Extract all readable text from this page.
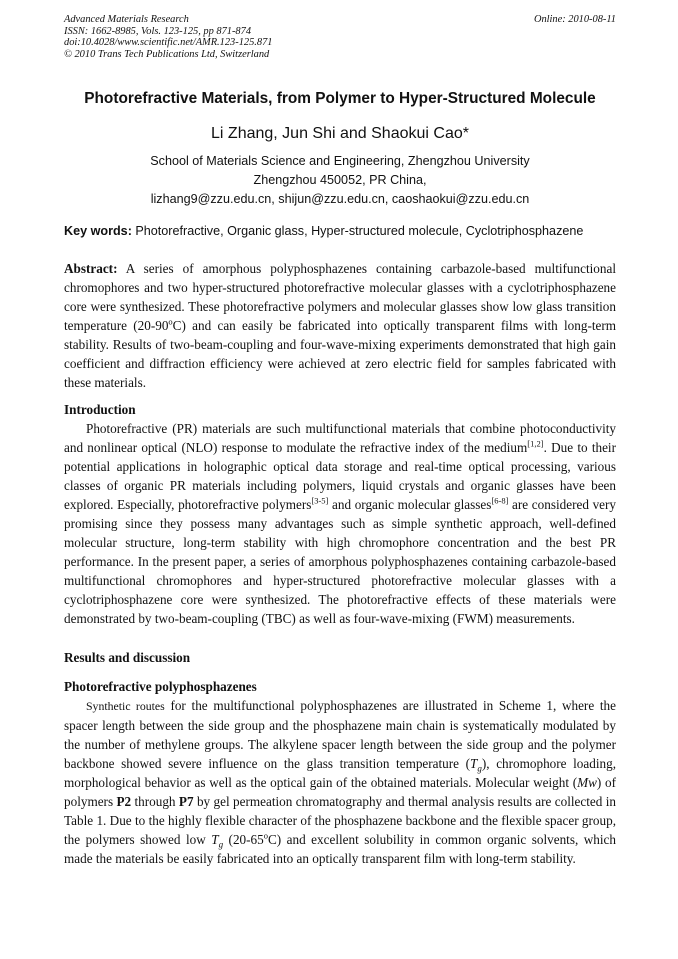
Advanced Materials Research
ISSN: 1662-8985, Vols. 123-125, pp 871-874
doi:10.4028/www.scientific.net/AMR.123-125.871
© 2010 Trans Tech Publications Ltd, Switzerland
Online: 2010-08-11
Photorefractive Materials, from Polymer to Hyper-Structured Molecule
Li Zhang, Jun Shi and Shaokui Cao*
School of Materials Science and Engineering, Zhengzhou University
Zhengzhou 450052, PR China,
lizhang9@zzu.edu.cn, shijun@zzu.edu.cn, caoshaokui@zzu.edu.cn
Key words: Photorefractive, Organic glass, Hyper-structured molecule, Cyclotriphosphazene

Abstract: A series of amorphous polyphosphazenes containing carbazole-based multifunctional chromophores and two hyper-structured photorefractive molecular glasses with a cyclotriphosphazene core were synthesized. These photorefractive polymers and molecular glasses show low glass transition temperature (20-90$^o$C) and can easily be fabricated into optically transparent films with long-term stability. Results of two-beam-coupling and four-wave-mixing experiments demonstrated that high gain coefficient and diffraction efficiency were achieved at zero electric field for samples fabricated with these materials.

Introduction

Photorefractive (PR) materials are such multifunctional materials that combine photoconductivity and nonlinear optical (NLO) response to modulate the refractive index of the medium[1,2]. Due to their potential applications in holographic optical data storage and real-time optical processing, various classes of organic PR materials including polymers, liquid crystals and organic glasses have been explored. Especially, photorefractive polymers[3-5] and organic molecular glasses[6-8] are considered very promising since they possess many advantages such as simple synthetic approach, well-defined molecular structure, long-term stability with high chromophore concentration and the best PR performance. In the present paper, a series of amorphous polyphosphazenes containing carbazole-based multifunctional chromophores and hyper-structured photorefractive molecular glasses with a cyclotriphosphazene core were synthesized. The photorefractive effects of these materials were demonstrated by two-beam-coupling (TBC) as well as four-wave-mixing (FWM) measurements.

Results and discussion

Photorefractive polyphosphazenes

Synthetic routes for the multifunctional polyphosphazenes are illustrated in Scheme 1, where the spacer length between the side group and the phosphazene main chain is systematically modulated by the number of methylene groups. The alkylene spacer length between the side group and the polymer backbone showed severe influence on the glass transition temperature $(T_g)$, chromophore loading, morphological behavior as well as the optical gain of the obtained materials. Molecular weight (Mw) of polymers P2 through P7 by gel permeation chromatography and thermal analysis results are collected in Table 1. Due to the highly flexible character of the phosphazene backbone and the flexible spacer group, the polymers showed low $T_g$ (20-65$^o$C) and excellent solubility in common organic solvents, which made the materials be easily fabricated into an optically transparent film with long-term stability.
